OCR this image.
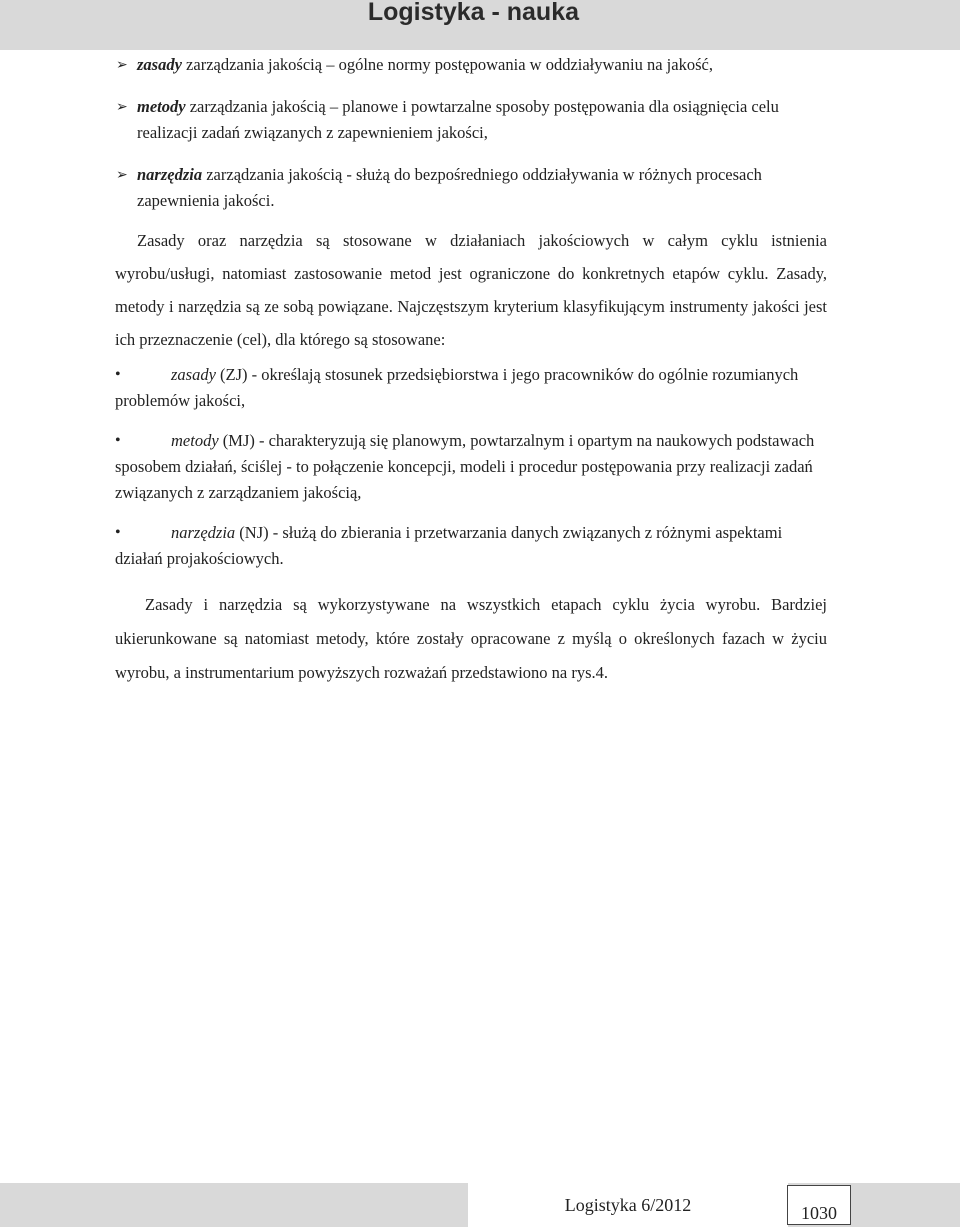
Logistyka - nauka
➢ zasady zarządzania jakością – ogólne normy postępowania w oddziaływaniu na jakość,
➢ metody zarządzania jakością – planowe i powtarzalne sposoby postępowania dla osiągnięcia celu realizacji zadań związanych z zapewnieniem jakości,
➢ narzędzia zarządzania jakością - służą do bezpośredniego oddziaływania w różnych procesach zapewnienia jakości.
Zasady oraz narzędzia są stosowane w działaniach jakościowych w całym cyklu istnienia wyrobu/usługi, natomiast zastosowanie metod jest ograniczone do konkretnych etapów cyklu. Zasady, metody i narzędzia są ze sobą powiązane. Najczęstszym kryterium klasyfikującym instrumenty jakości jest ich przeznaczenie (cel), dla którego są stosowane:
•	zasady (ZJ) - określają stosunek przedsiębiorstwa i jego pracowników do ogólnie rozumianych problemów jakości,
•	metody (MJ) - charakteryzują się planowym, powtarzalnym i opartym na naukowych podstawach sposobem działań, ściślej - to połączenie koncepcji, modeli i procedur postępowania przy realizacji zadań związanych z zarządzaniem jakością,
•	narzędzia (NJ) - służą do zbierania i przetwarzania danych związanych z różnymi aspektami działań projakościowych.
Zasady i narzędzia są wykorzystywane na wszystkich etapach cyklu życia wyrobu. Bardziej ukierunkowane są natomiast metody, które zostały opracowane z myślą o określonych fazach w życiu wyrobu, a instrumentarium powyższych rozważań przedstawiono na rys.4.
Logistyka 6/2012	1030
